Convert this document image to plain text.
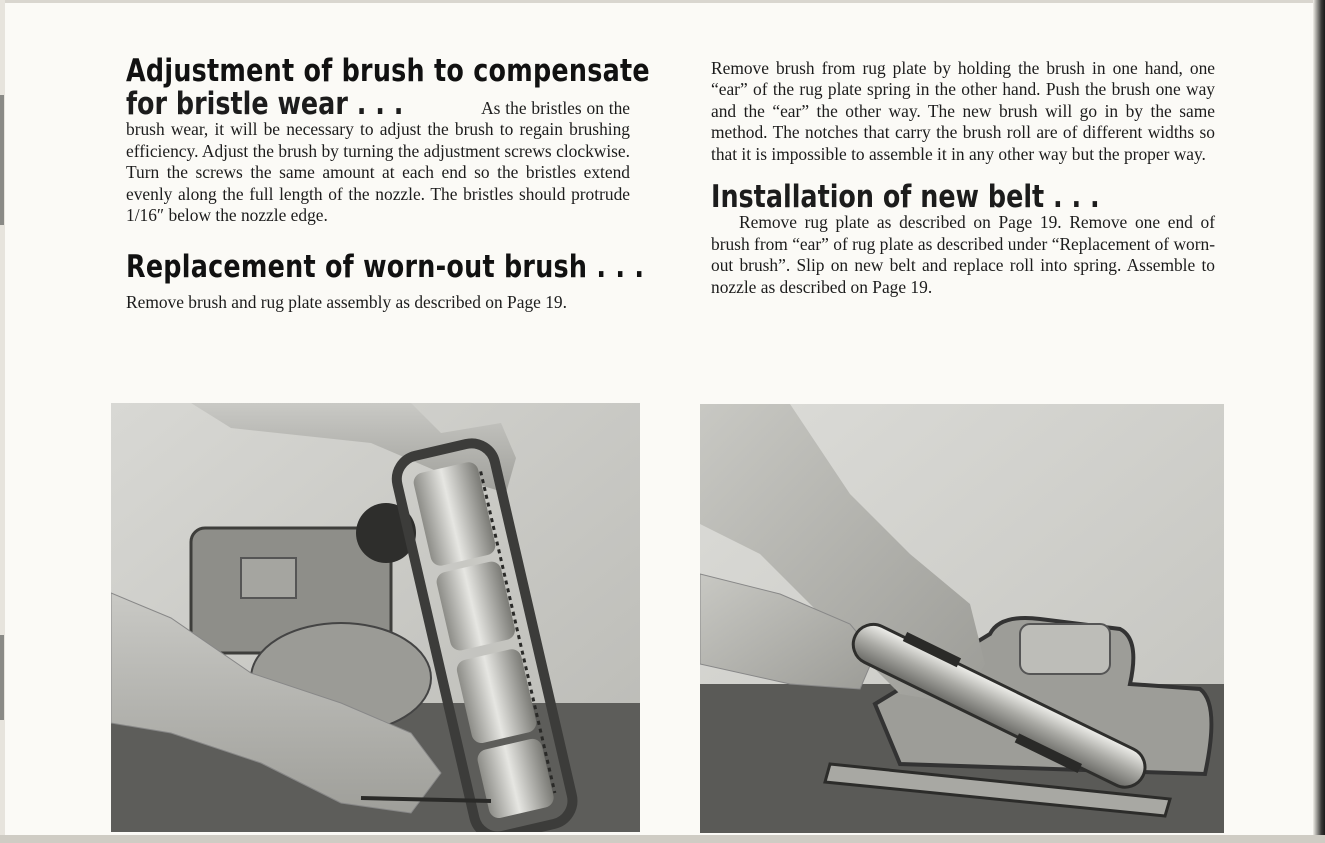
Adjustment of brush to compensate

for bristle wear . . .	As the bristles on the brush wear, it will be necessary to adjust the brush to regain brushing efficiency. Adjust the brush by turning the adjustment screws clockwise. Turn the screws the same amount at each end so the bristles extend evenly along the full length of the nozzle. The bristles should protrude 1/16″ below the nozzle edge.

Replacement of worn-out brush . . .

Remove brush and rug plate assembly as described on Page 19.

Remove brush from rug plate by holding the brush in one hand, one “ear” of the rug plate spring in the other hand. Push the brush one way and the “ear” the other way. The new brush will go in by the same method. The notches that carry the brush roll are of different widths so that it is impossible to assemble it in any other way but the proper way.

Installation of new belt . . . Remove rug plate as described on Page 19. Remove one end of brush from “ear” of rug plate as described under “Replacement of worn-out brush”. Slip on new belt and replace roll into spring. Assemble to nozzle as described on Page 19.
